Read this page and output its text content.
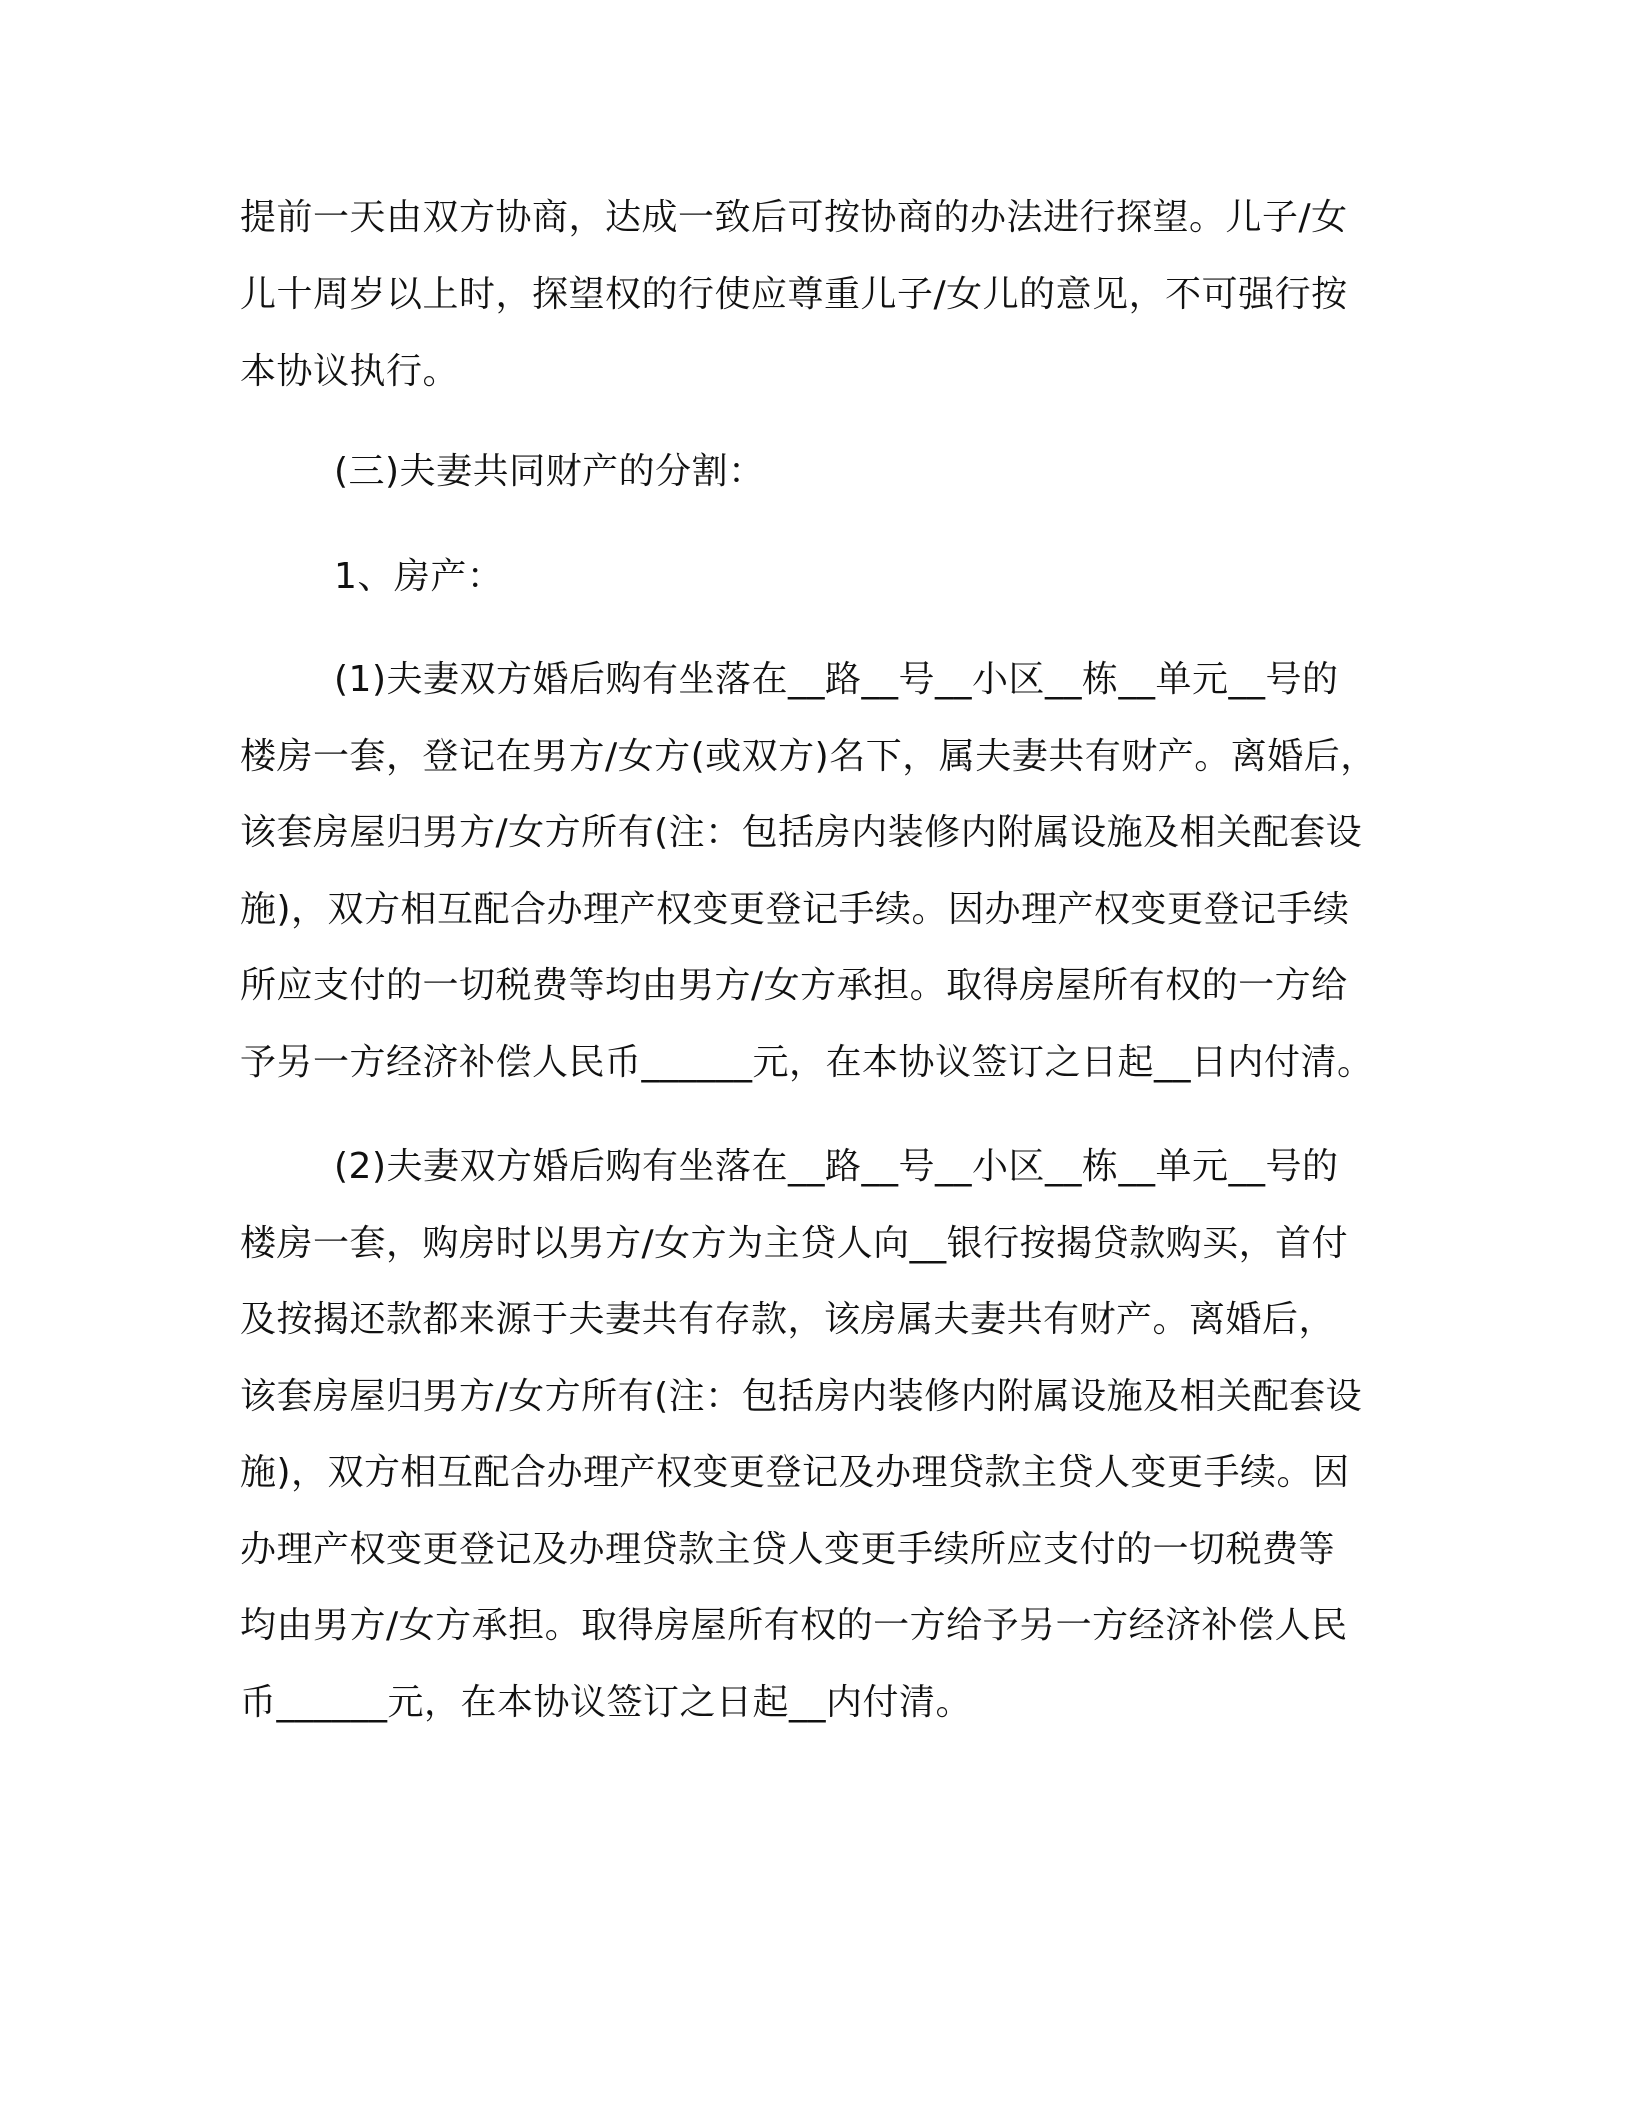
提前一天由双方协商，达成一致后可按协商的办法进行探望。儿子/女
儿十周岁以上时，探望权的行使应尊重儿子/女儿的意见，不可强行按
本协议执行。
(三)夫妻共同财产的分割：
1、房产：
(1)夫妻双方婚后购有坐落在__路__号__小区__栋__单元__号的
楼房一套，登记在男方/女方(或双方)名下，属夫妻共有财产。离婚后，
该套房屋归男方/女方所有(注：包括房内装修内附属设施及相关配套设
施)，双方相互配合办理产权变更登记手续。因办理产权变更登记手续
所应支付的一切税费等均由男方/女方承担。取得房屋所有权的一方给
予另一方经济补偿人民币______元，在本协议签订之日起__日内付清。
(2)夫妻双方婚后购有坐落在__路__号__小区__栋__单元__号的
楼房一套，购房时以男方/女方为主贷人向__银行按揭贷款购买，首付
及按揭还款都来源于夫妻共有存款，该房属夫妻共有财产。离婚后，
该套房屋归男方/女方所有(注：包括房内装修内附属设施及相关配套设
施)，双方相互配合办理产权变更登记及办理贷款主贷人变更手续。因
办理产权变更登记及办理贷款主贷人变更手续所应支付的一切税费等
均由男方/女方承担。取得房屋所有权的一方给予另一方经济补偿人民
币______元，在本协议签订之日起__内付清。
